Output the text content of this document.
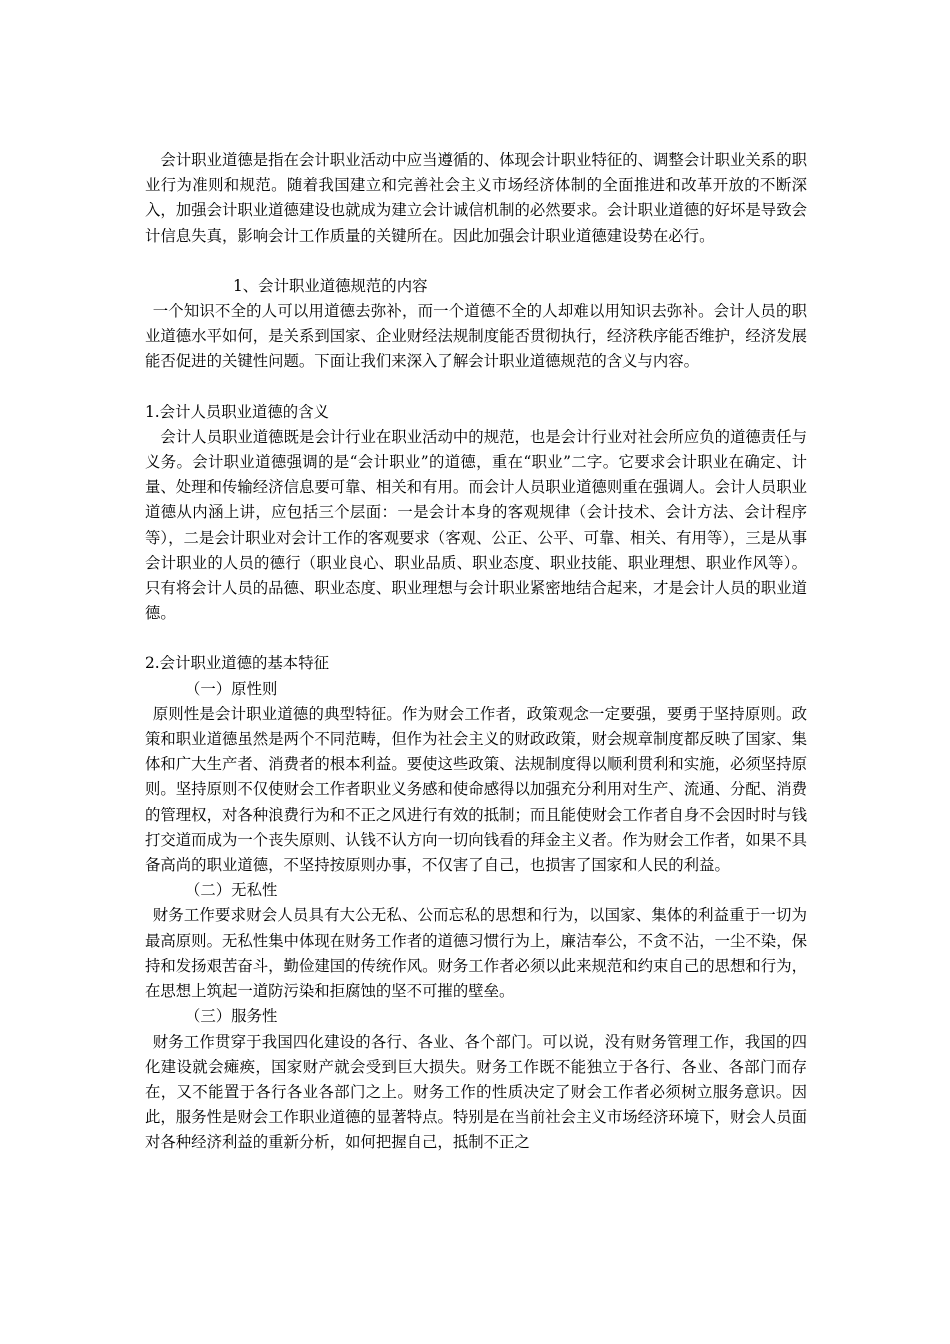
会计职业道德是指在会计职业活动中应当遵循的、体现会计职业特征的、调整会计职业关系的职业行为准则和规范。随着我国建立和完善社会主义市场经济体制的全面推进和改革开放的不断深入，加强会计职业道德建设也就成为建立会计诚信机制的必然要求。会计职业道德的好坏是导致会计信息失真，影响会计工作质量的关键所在。因此加强会计职业道德建设势在必行。

1、会计职业道德规范的内容

一个知识不全的人可以用道德去弥补，而一个道德不全的人却难以用知识去弥补。会计人员的职业道德水平如何，是关系到国家、企业财经法规制度能否贯彻执行，经济秩序能否维护，经济发展能否促进的关键性问题。下面让我们来深入了解会计职业道德规范的含义与内容。

1.会计人员职业道德的含义

会计人员职业道德既是会计行业在职业活动中的规范，也是会计行业对社会所应负的道德责任与义务。会计职业道德强调的是“会计职业”的道德，重在“职业”二字。它要求会计职业在确定、计量、处理和传输经济信息要可靠、相关和有用。而会计人员职业道德则重在强调人。会计人员职业道德从内涵上讲，应包括三个层面：一是会计本身的客观规律（会计技术、会计方法、会计程序等），二是会计职业对会计工作的客观要求（客观、公正、公平、可靠、相关、有用等），三是从事会计职业的人员的德行（职业良心、职业品质、职业态度、职业技能、职业理想、职业作风等）。只有将会计人员的品德、职业态度、职业理想与会计职业紧密地结合起来，才是会计人员的职业道德。

2.会计职业道德的基本特征

（一）原性则

原则性是会计职业道德的典型特征。作为财会工作者，政策观念一定要强，要勇于坚持原则。政策和职业道德虽然是两个不同范畴，但作为社会主义的财政政策，财会规章制度都反映了国家、集体和广大生产者、消费者的根本利益。要使这些政策、法规制度得以顺利贯利和实施，必须坚持原则。坚持原则不仅使财会工作者职业义务感和使命感得以加强充分利用对生产、流通、分配、消费的管理权，对各种浪费行为和不正之风进行有效的抵制；而且能使财会工作者自身不会因时时与钱打交道而成为一个丧失原则、认钱不认方向一切向钱看的拜金主义者。作为财会工作者，如果不具备高尚的职业道德，不坚持按原则办事，不仅害了自己，也损害了国家和人民的利益。

（二）无私性

财务工作要求财会人员具有大公无私、公而忘私的思想和行为，以国家、集体的利益重于一切为最高原则。无私性集中体现在财务工作者的道德习惯行为上，廉洁奉公，不贪不沾，一尘不染，保持和发扬艰苦奋斗，勤俭建国的传统作风。财务工作者必须以此来规范和约束自己的思想和行为，在思想上筑起一道防污染和拒腐蚀的坚不可摧的壁垒。

（三）服务性

财务工作贯穿于我国四化建设的各行、各业、各个部门。可以说，没有财务管理工作，我国的四化建设就会瘫痪，国家财产就会受到巨大损失。财务工作既不能独立于各行、各业、各部门而存在，又不能置于各行各业各部门之上。财务工作的性质决定了财会工作者必须树立服务意识。因此，服务性是财会工作职业道德的显著特点。特别是在当前社会主义市场经济环境下，财会人员面对各种经济利益的重新分析，如何把握自己，抵制不正之
